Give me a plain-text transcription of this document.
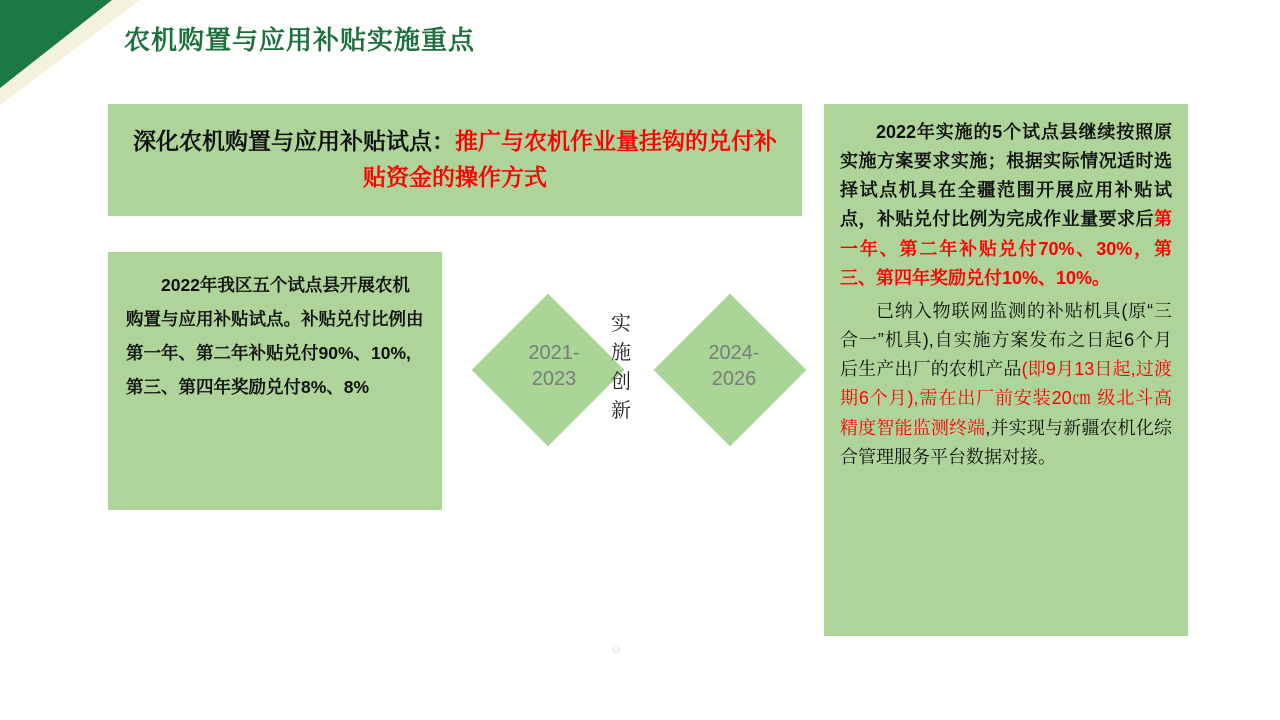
农机购置与应用补贴实施重点
深化农机购置与应用补贴试点：推广与农机作业量挂钩的兑付补贴资金的操作方式
2022年我区五个试点县开展农机购置与应用补贴试点。补贴兑付比例由第一年、第二年补贴兑付90%、10%,第三、第四年奖励兑付8%、8%
2021-
2023
2024-
2026
实施创新

2022年实施的5个试点县继续按照原实施方案要求实施；根据实际情况适时选择试点机具在全疆范围开展应用补贴试点，补贴兑付比例为完成作业量要求后第一年、第二年补贴兑付70%、30%，第 三、第四年奖励兑付10%、10%。

已纳入物联网监测的补贴机具(原“三合一”机具),自实施方案发布之日起6个月后生产出厂的农机产品(即9月13日起,过渡期6个月),需在出厂前安装20㎝ 级北斗高精度智能监测终端,并实现与新疆农机化综合管理服务平台数据对接。

o
